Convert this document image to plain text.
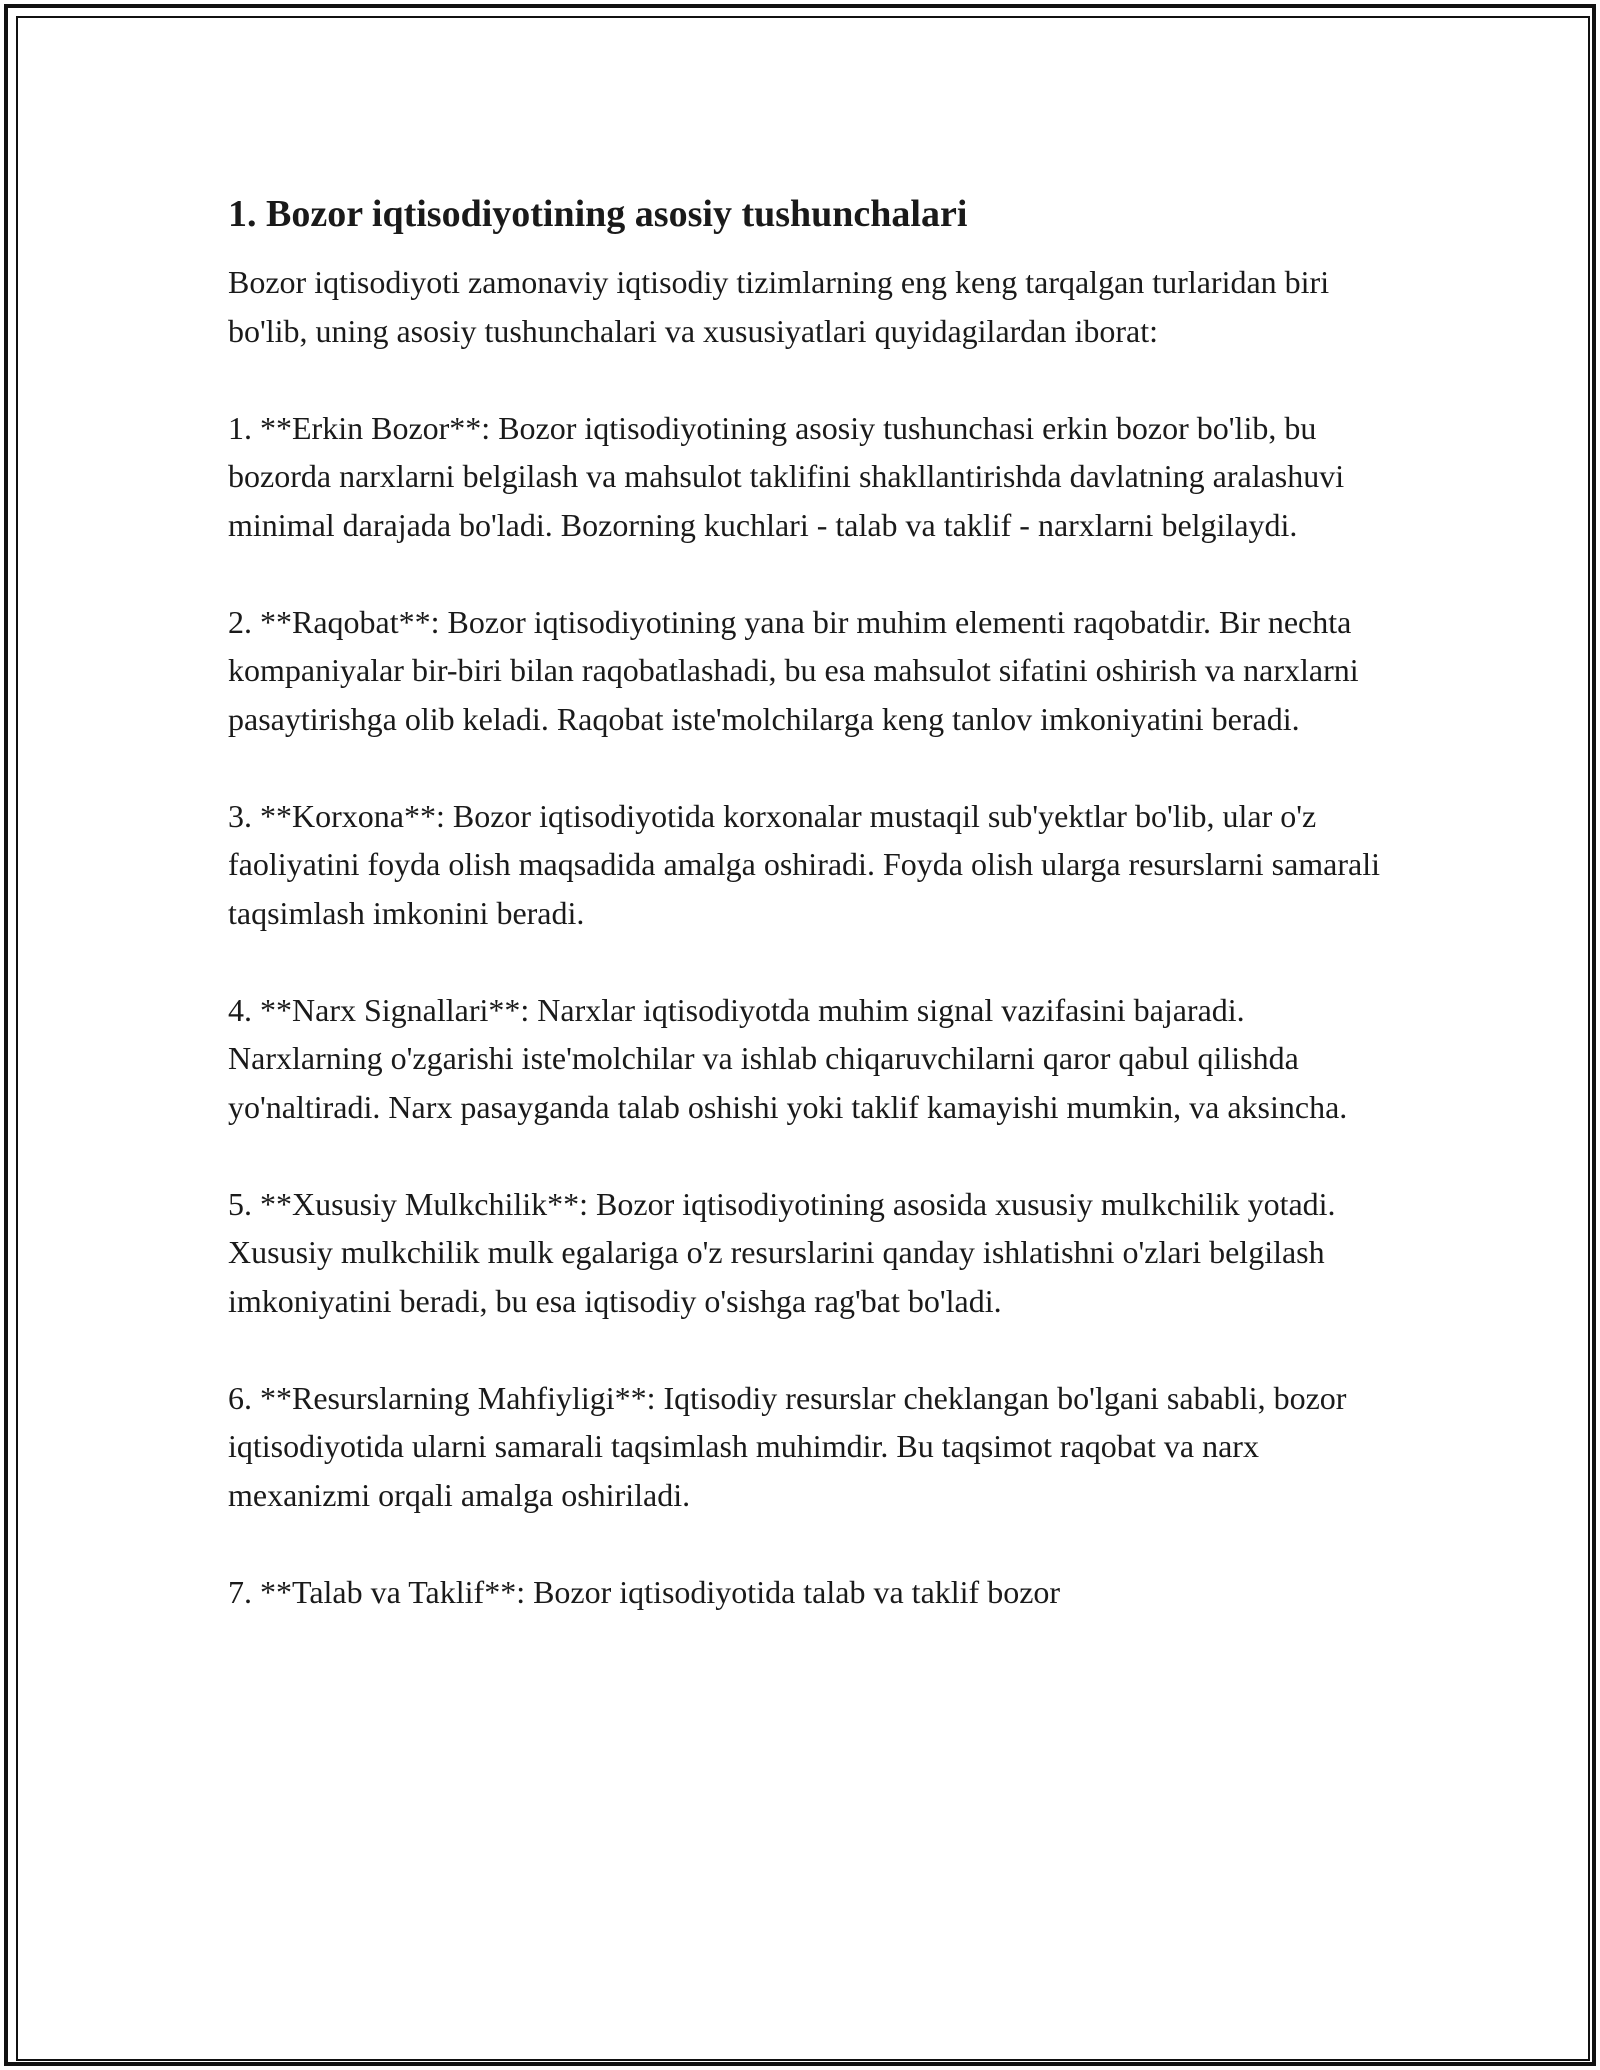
1. Bozor iqtisodiyotining asosiy tushunchalari

Bozor iqtisodiyoti zamonaviy iqtisodiy tizimlarning eng keng tarqalgan turlaridan biri bo'lib, uning asosiy tushunchalari va xususiyatlari quyidagilardan iborat:

1. **Erkin Bozor**: Bozor iqtisodiyotining asosiy tushunchasi erkin bozor bo'lib, bu bozorda narxlarni belgilash va mahsulot taklifini shakllantirishda davlatning aralashuvi minimal darajada bo'ladi. Bozorning kuchlari - talab va taklif - narxlarni belgilaydi.

2. **Raqobat**: Bozor iqtisodiyotining yana bir muhim elementi raqobatdir. Bir nechta kompaniyalar bir-biri bilan raqobatlashadi, bu esa mahsulot sifatini oshirish va narxlarni pasaytirishga olib keladi. Raqobat iste'molchilarga keng tanlov imkoniyatini beradi.

3. **Korxona**: Bozor iqtisodiyotida korxonalar mustaqil sub'yektlar bo'lib, ular o'z faoliyatini foyda olish maqsadida amalga oshiradi. Foyda olish ularga resurslarni samarali taqsimlash imkonini beradi.

4. **Narx Signallari**: Narxlar iqtisodiyotda muhim signal vazifasini bajaradi. Narxlarning o'zgarishi iste'molchilar va ishlab chiqaruvchilarni qaror qabul qilishda yo'naltiradi. Narx pasayganda talab oshishi yoki taklif kamayishi mumkin, va aksincha.

5. **Xususiy Mulkchilik**: Bozor iqtisodiyotining asosida xususiy mulkchilik yotadi. Xususiy mulkchilik mulk egalariga o'z resurslarini qanday ishlatishni o'zlari belgilash imkoniyatini beradi, bu esa iqtisodiy o'sishga rag'bat bo'ladi.

6. **Resurslarning Mahfiyligi**: Iqtisodiy resurslar cheklangan bo'lgani sababli, bozor iqtisodiyotida ularni samarali taqsimlash muhimdir. Bu taqsimot raqobat va narx mexanizmi orqali amalga oshiriladi.

7. **Talab va Taklif**: Bozor iqtisodiyotida talab va taklif bozor
